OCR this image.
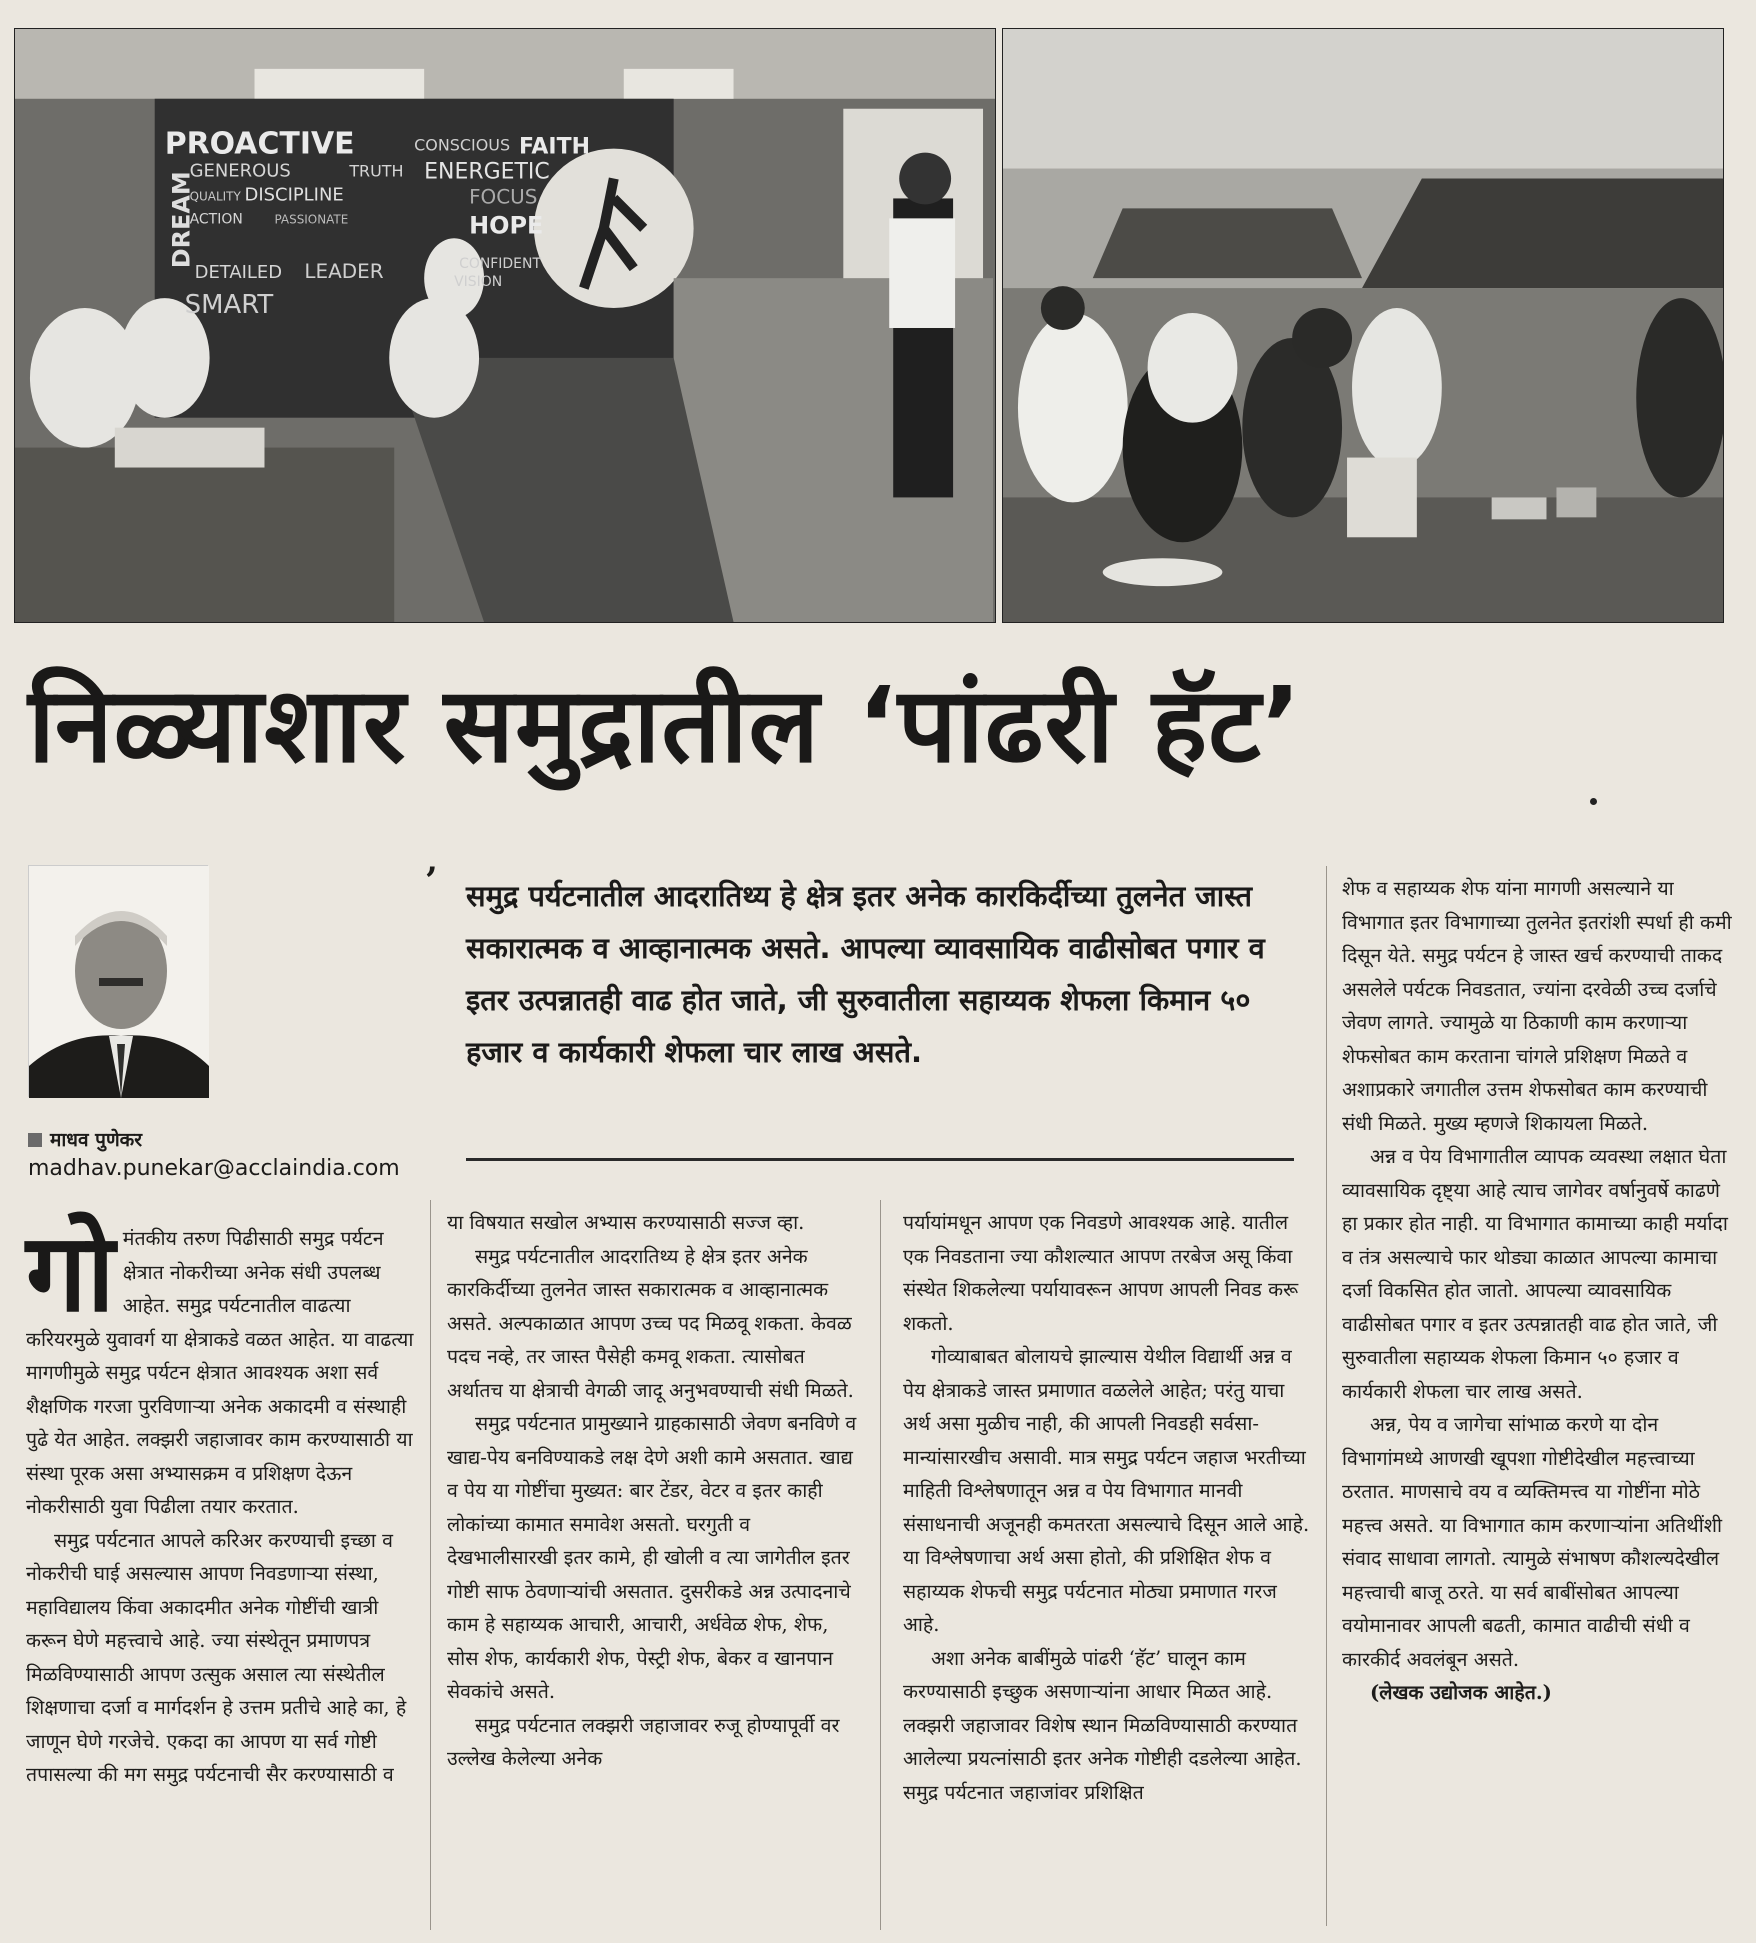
PROACTIVE	CONSCIOUS FAITH
GENEROUS	TRUTH ENERGETIC
QUALITY DISCIPLINE	FOCUS
ACTION	PASSIONATE	HOPE
DETAILED LEADER	CONFIDENT
VISION
DREAM
SMART
निळ्याशार समुद्रातील ‘पांढरी हॅट’
माधव पुणेकर
madhav.punekar@acclaindia.com
’ समुद्र पर्यटनातील आदरातिथ्य हे क्षेत्र इतर अनेक कारकिर्दीच्या तुलनेत जास्त सकारात्मक व आव्हानात्मक असते. आपल्या व्यावसायिक वाढीसोबत पगार व इतर उत्पन्नातही वाढ होत जाते, जी सुरुवातीला सहाय्यक शेफला किमान ५० हजार व कार्यकारी शेफला चार लाख असते.

गोमंतकीय तरुण पिढीसाठी समुद्र पर्यटन क्षेत्रात नोकरीच्या अनेक संधी उपलब्ध आहेत. समुद्र पर्यटनातील वाढत्या करियरमुळे युवावर्ग या क्षेत्राकडे वळत आहेत. या वाढत्या मागणीमुळे समुद्र पर्यटन क्षेत्रात आवश्यक अशा सर्व शैक्षणिक गरजा पुरविणाऱ्या अनेक अकादमी व संस्थाही पुढे येत आहेत. लक्झरी जहाजावर काम करण्यासाठी या संस्था पूरक असा अभ्यासक्रम व प्रशिक्षण देऊन नोकरीसाठी युवा पिढीला तयार करतात.

समुद्र पर्यटनात आपले करिअर करण्याची इच्छा व नोकरीची घाई असल्यास आपण निवडणाऱ्या संस्था, महाविद्यालय किंवा अकादमीत अनेक गोष्टींची खात्री करून घेणे महत्त्वाचे आहे. ज्या संस्थेतून प्रमाणपत्र मिळविण्यासाठी आपण उत्सुक असाल त्या संस्थेतील शिक्षणाचा दर्जा व मार्गदर्शन हे उत्तम प्रतीचे आहे का, हे जाणून घेणे गरजेचे. एकदा का आपण या सर्व गोष्टी तपासल्या की मग समुद्र पर्यटनाची सैर करण्यासाठी व

या विषयात सखोल अभ्यास करण्यासाठी सज्ज व्हा.

समुद्र पर्यटनातील आदरातिथ्य हे क्षेत्र इतर अनेक कारकिर्दीच्या तुलनेत जास्त सकारात्मक व आव्हानात्मक असते. अल्पकाळात आपण उच्च पद मिळवू शकता. केवळ पदच नव्हे, तर जास्त पैसेही कमवू शकता. त्यासोबत अर्थातच या क्षेत्राची वेगळी जादू अनुभवण्याची संधी मिळते.

समुद्र पर्यटनात प्रामुख्याने ग्राहकासाठी जेवण बनविणे व खाद्य-पेय बनविण्याकडे लक्ष देणे अशी कामे असतात. खाद्य व पेय या गोष्टींचा मुख्यत: बार टेंडर, वेटर व इतर काही लोकांच्या कामात समावेश असतो. घरगुती व देखभालीसारखी इतर कामे, ही खोली व त्या जागेतील इतर गोष्टी साफ ठेवणाऱ्यांची असतात. दुसरीकडे अन्न उत्पादनाचे काम हे सहाय्यक आचारी, आचारी, अर्धवेळ शेफ, शेफ, सोस शेफ, कार्यकारी शेफ, पेस्ट्री शेफ, बेकर व खानपान सेवकांचे असते.

समुद्र पर्यटनात लक्झरी जहाजावर रुजू होण्यापूर्वी वर उल्लेख केलेल्या अनेक

पर्यायांमधून आपण एक निवडणे आवश्यक आहे. यातील एक निवडताना ज्या कौशल्यात आपण तरबेज असू किंवा संस्थेत शिकलेल्या पर्यायावरून आपण आपली निवड करू शकतो.

गोव्याबाबत बोलायचे झाल्यास येथील विद्यार्थी अन्न व पेय क्षेत्राकडे जास्त प्रमाणात वळलेले आहेत; परंतु याचा अर्थ असा मुळीच नाही, की आपली निवडही सर्वसा-मान्यांसारखीच असावी. मात्र समुद्र पर्यटन जहाज भरतीच्या माहिती विश्लेषणातून अन्न व पेय विभागात मानवी संसाधनाची अजूनही कमतरता असल्याचे दिसून आले आहे. या विश्लेषणाचा अर्थ असा होतो, की प्रशिक्षित शेफ व सहाय्यक शेफची समुद्र पर्यटनात मोठ्या प्रमाणात गरज आहे.

अशा अनेक बाबींमुळे पांढरी ‘हॅट’ घालून काम करण्यासाठी इच्छुक असणाऱ्यांना आधार मिळत आहे. लक्झरी जहाजावर विशेष स्थान मिळविण्यासाठी करण्यात आलेल्या प्रयत्नांसाठी इतर अनेक गोष्टीही दडलेल्या आहेत. समुद्र पर्यटनात जहाजांवर प्रशिक्षित

शेफ व सहाय्यक शेफ यांना मागणी असल्याने या विभागात इतर विभागाच्या तुलनेत इतरांशी स्पर्धा ही कमी दिसून येते. समुद्र पर्यटन हे जास्त खर्च करण्याची ताकद असलेले पर्यटक निवडतात, ज्यांना दरवेळी उच्च दर्जाचे जेवण लागते. ज्यामुळे या ठिकाणी काम करणाऱ्या शेफसोबत काम करताना चांगले प्रशिक्षण मिळते व अशाप्रकारे जगातील उत्तम शेफसोबत काम करण्याची संधी मिळते. मुख्य म्हणजे शिकायला मिळते.

अन्न व पेय विभागातील व्यापक व्यवस्था लक्षात घेता व्यावसायिक दृष्ट्या आहे त्याच जागेवर वर्षानुवर्षे काढणे हा प्रकार होत नाही. या विभागात कामाच्या काही मर्यादा व तंत्र असल्याचे फार थोड्या काळात आपल्या कामाचा दर्जा विकसित होत जातो. आपल्या व्यावसायिक वाढीसोबत पगार व इतर उत्पन्नातही वाढ होत जाते, जी सुरुवातीला सहाय्यक शेफला किमान ५० हजार व कार्यकारी शेफला चार लाख असते.

अन्न, पेय व जागेचा सांभाळ करणे या दोन विभागांमध्ये आणखी खूपशा गोष्टीदेखील महत्त्वाच्या ठरतात. माणसाचे वय व व्यक्तिमत्त्व या गोष्टींना मोठे महत्त्व असते. या विभागात काम करणाऱ्यांना अतिथींशी संवाद साधावा लागतो. त्यामुळे संभाषण कौशल्यदेखील महत्त्वाची बाजू ठरते. या सर्व बाबींसोबत आपल्या वयोमानावर आपली बढती, कामात वाढीची संधी व कारकीर्द अवलंबून असते.

(लेखक उद्योजक आहेत.)
